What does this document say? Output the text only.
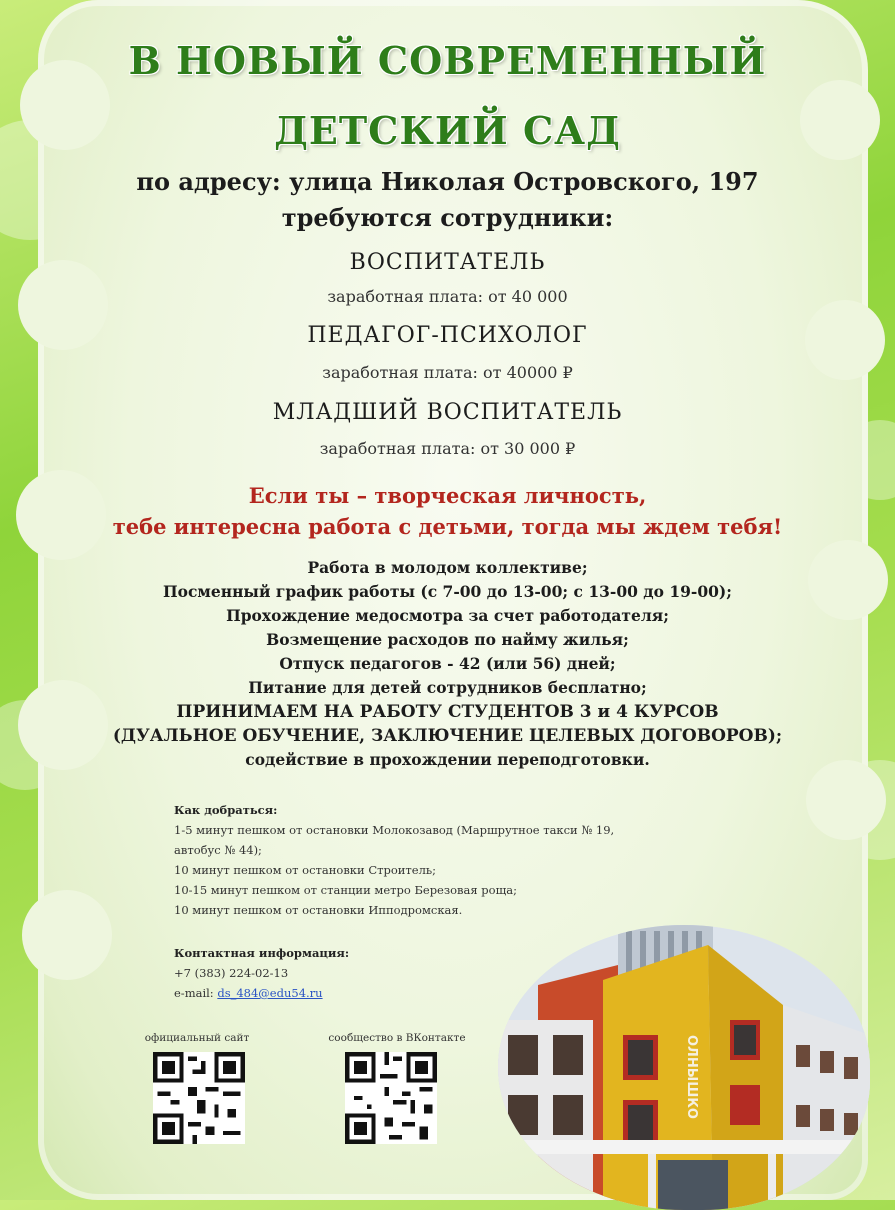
В НОВЫЙ СОВРЕМЕННЫЙ
ДЕТСКИЙ САД
по адресу: улица Николая Островского, 197
требуются сотрудники:
ВОСПИТАТЕЛЬ
заработная плата: от 40 000
ПЕДАГОГ-ПСИХОЛОГ
заработная плата: от 40000 ₽
МЛАДШИЙ ВОСПИТАТЕЛЬ
заработная плата: от 30 000 ₽
Если ты – творческая личность,
тебе интересна работа с детьми, тогда мы ждем тебя!
Работа в молодом коллективе;
Посменный график работы (с 7-00 до 13-00; с 13-00 до 19-00);
Прохождение медосмотра за счет работодателя;
Возмещение расходов по найму жилья;
Отпуск педагогов - 42 (или 56) дней;
Питание для детей сотрудников бесплатно;
ПРИНИМАЕМ НА РАБОТУ СТУДЕНТОВ 3 и 4 КУРСОВ
(ДУАЛЬНОЕ ОБУЧЕНИЕ, ЗАКЛЮЧЕНИЕ ЦЕЛЕВЫХ ДОГОВОРОВ);
содействие в прохождении переподготовки.
Как добраться:
1-5 минут пешком от остановки Молокозавод (Маршрутное такси № 19,
автобус № 44);
10 минут пешком от остановки Строитель;
10-15 минут пешком от станции метро Березовая роща;
10 минут пешком от остановки Ипподромская.
Контактная информация:
+7 (383) 224-02-13
e-mail: ds_484@edu54.ru
официальный сайт	сообщество в ВКонтакте	ОЛНЫШКО
